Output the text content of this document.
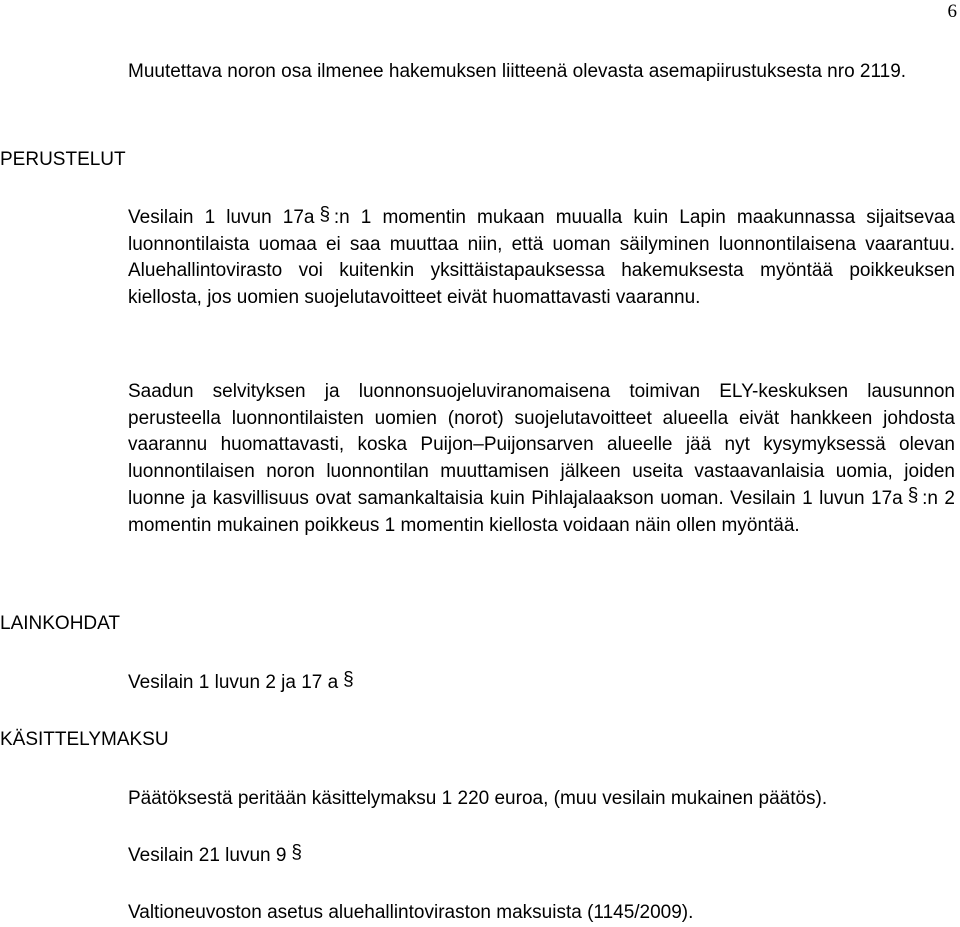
6

Muutettava noron osa ilmenee hakemuksen liitteenä olevasta asemapiirustuksesta nro 2119.

PERUSTELUT

Vesilain 1 luvun 17a § :n 1 momentin mukaan muualla kuin Lapin maakunnassa sijaitsevaa luonnontilaista uomaa ei saa muuttaa niin, että uoman säilyminen luonnontilaisena vaarantuu. Aluehallintovirasto voi kuitenkin yksittäistapauksessa hakemuksesta myöntää poikkeuksen kiellosta, jos uomien suojelutavoitteet eivät huomattavasti vaarannu.

Saadun selvityksen ja luonnonsuojeluviranomaisena toimivan ELY-keskuksen lausunnon perusteella luonnontilaisten uomien (norot) suojelutavoitteet alueella eivät hankkeen johdosta vaarannu huomattavasti, koska Puijon–Puijonsarven alueelle jää nyt kysymyksessä olevan luonnontilaisen noron luonnontilan muuttamisen jälkeen useita vastaavanlaisia uomia, joiden luonne ja kasvillisuus ovat samankaltaisia kuin Pihlajalaakson uoman. Vesilain 1 luvun 17a § :n 2 momentin mukainen poikkeus 1 momentin kiellosta voidaan näin ollen myöntää.

LAINKOHDAT

Vesilain 1 luvun 2 ja 17 a§

KÄSITTELYMAKSU

Päätöksestä peritään käsittelymaksu 1 220 euroa, (muu vesilain mukainen päätös).

Vesilain 21 luvun 9§

Valtioneuvoston asetus aluehallintoviraston maksuista (1145/2009).
